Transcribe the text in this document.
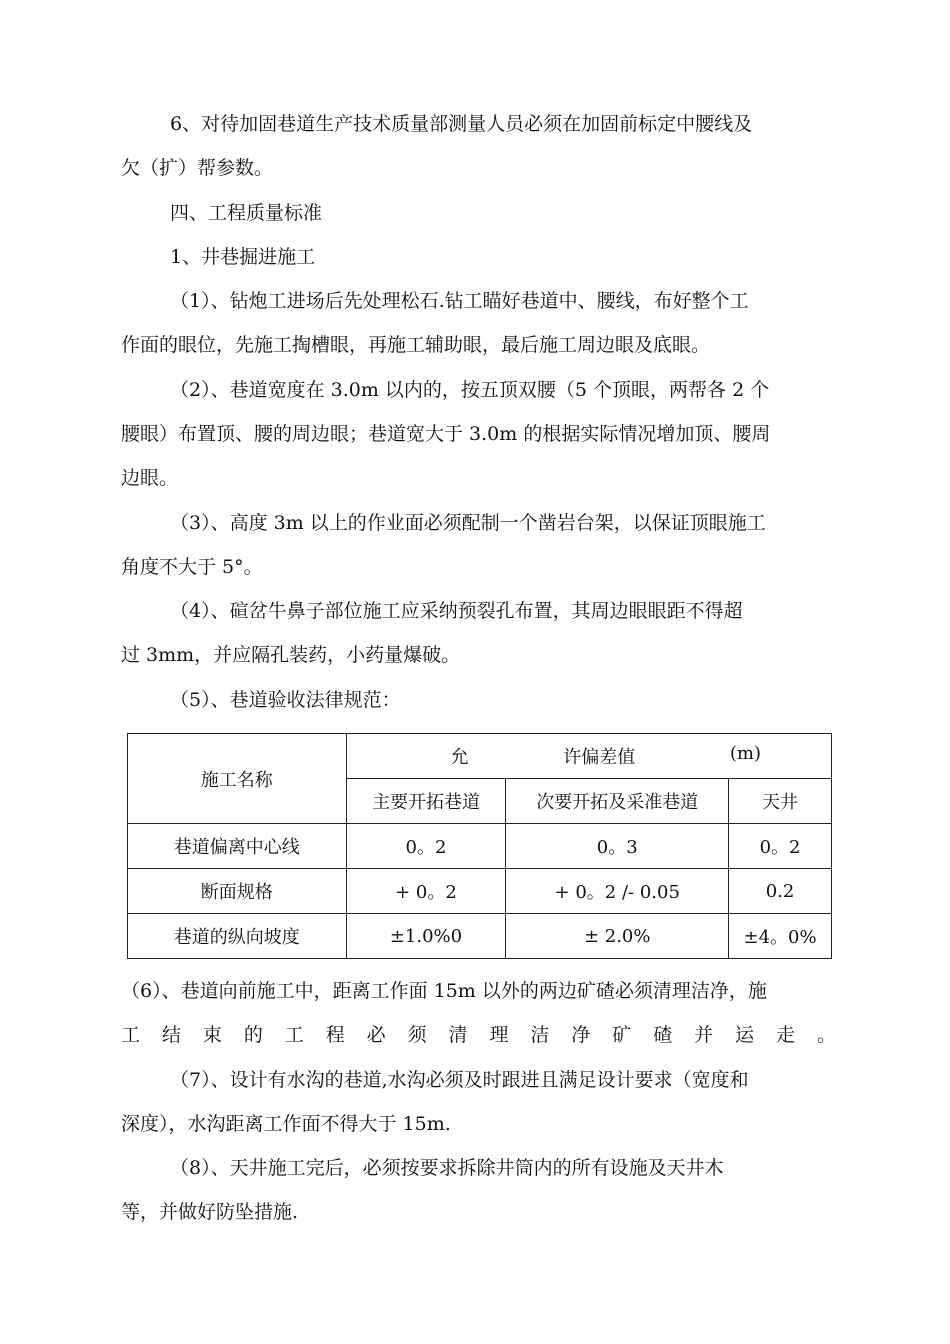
6、对待加固巷道生产技术质量部测量人员必须在加固前标定中腰线及
欠（扩）帮参数。
四、工程质量标准
1、井巷掘进施工
（1）、钻炮工进场后先处理松石.钻工瞄好巷道中、腰线，布好整个工
作面的眼位，先施工掏槽眼，再施工辅助眼，最后施工周边眼及底眼。
（2）、巷道宽度在 3.0m 以内的，按五顶双腰（5 个顶眼，两帮各 2 个
腰眼）布置顶、腰的周边眼；巷道宽大于 3.0m 的根据实际情况增加顶、腰周
边眼。
（3）、高度 3m 以上的作业面必须配制一个凿岩台架，以保证顶眼施工
角度不大于 5°。
（4）、碹岔牛鼻子部位施工应采纳预裂孔布置，其周边眼眼距不得超
过 3mm，并应隔孔装药，小药量爆破。
（5）、巷道验收法律规范：
施工名称	允 许偏差值 (m)		

	主要开拓巷道	次要开拓及采准巷道	天井
巷道偏离中心线	0。2	0。3	0。2
断面规格	+ 0。2	+ 0。2 /- 0.05	0.2
巷道的纵向坡度	±1.0%0	± 2.0%	±4。0%
（6）、巷道向前施工中，距离工作面 15m 以外的两边矿碴必须清理洁净，施
工 结 束 的 工 程 必 须 清 理 洁 净 矿 碴 并 运 走 。
（7）、设计有水沟的巷道,水沟必须及时跟进且满足设计要求（宽度和
深度），水沟距离工作面不得大于 15m.
（8）、天井施工完后，必须按要求拆除井筒内的所有设施及天井木
等，并做好防坠措施.
